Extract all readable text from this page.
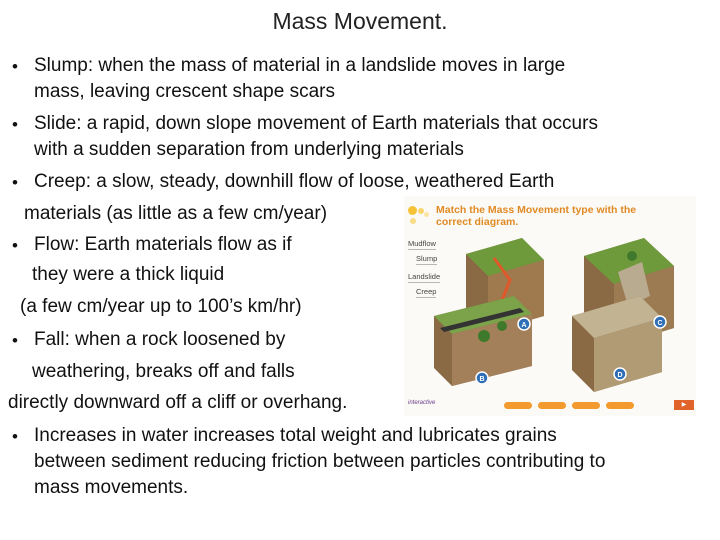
Mass Movement.
• Slump: when the mass of material in a landslide moves in large
mass, leaving crescent shape scars
• Slide: a rapid, down slope movement of Earth materials that occurs
with a sudden separation from underlying materials
• Creep: a slow, steady, downhill flow of loose, weathered Earth
materials (as little as a few cm/year)
• Flow: Earth materials flow as if
they were a thick liquid
(a few cm/year up to 100’s km/hr)
• Fall: when a rock loosened by
weathering, breaks off and falls
directly downward off a cliff or overhang.
• Increases in water increases total weight and lubricates grains
between sediment reducing friction between particles contributing to
mass movements.
Match the Mass Movement type with the
correct diagram.
Mudflow
Slump
Landslide
Creep
A
B
C
D
interactive	▶
